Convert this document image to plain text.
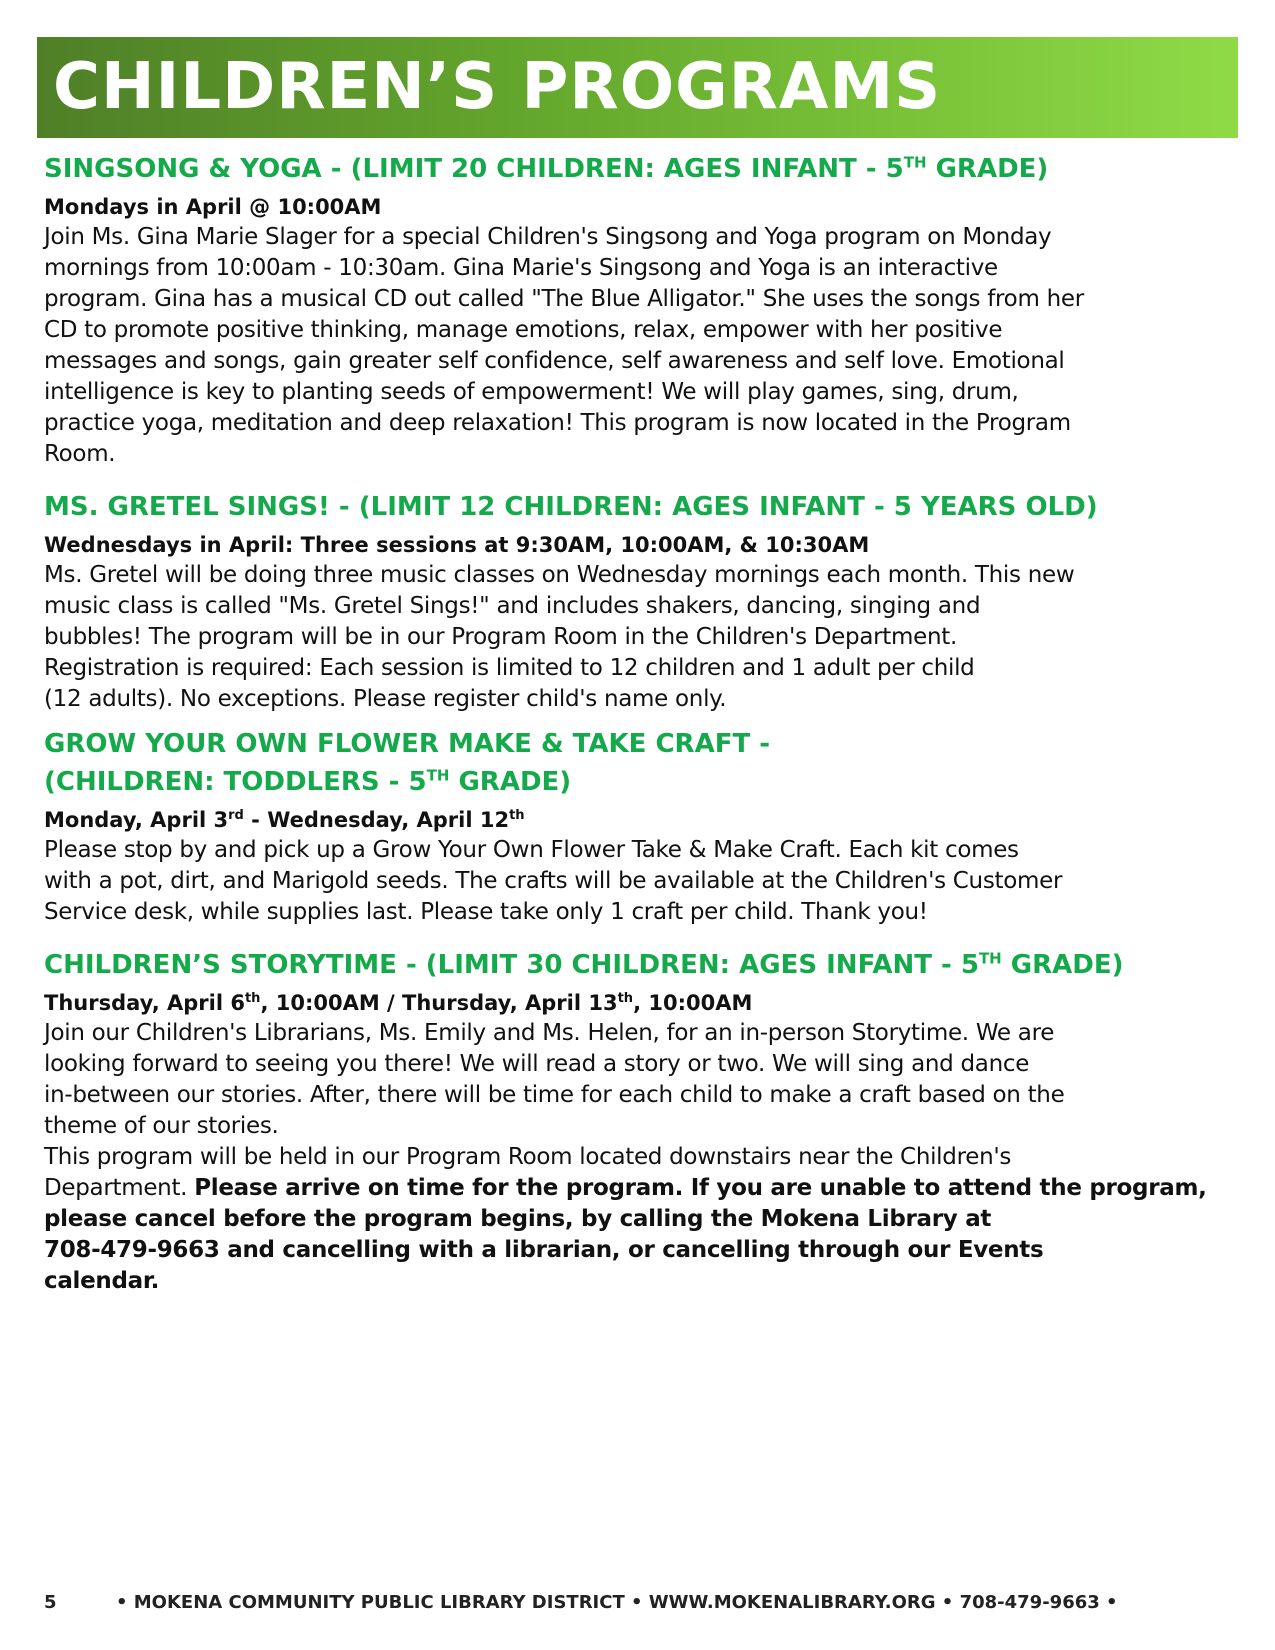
CHILDREN’S PROGRAMS

SINGSONG & YOGA - (LIMIT 20 CHILDREN: AGES INFANT - 5TH GRADE)

Mondays in April @ 10:00AM

Join Ms. Gina Marie Slager for a special Children's Singsong and Yoga program on Monday
mornings from 10:00am - 10:30am. Gina Marie's Singsong and Yoga is an interactive
program. Gina has a musical CD out called "The Blue Alligator." She uses the songs from her
CD to promote positive thinking, manage emotions, relax, empower with her positive
messages and songs, gain greater self confidence, self awareness and self love. Emotional
intelligence is key to planting seeds of empowerment! We will play games, sing, drum,
practice yoga, meditation and deep relaxation! This program is now located in the Program
Room.

MS. GRETEL SINGS! - (LIMIT 12 CHILDREN: AGES INFANT - 5 YEARS OLD)

Wednesdays in April: Three sessions at 9:30AM, 10:00AM, & 10:30AM

Ms. Gretel will be doing three music classes on Wednesday mornings each month. This new
music class is called "Ms. Gretel Sings!" and includes shakers, dancing, singing and
bubbles! The program will be in our Program Room in the Children's Department.
Registration is required: Each session is limited to 12 children and 1 adult per child
(12 adults). No exceptions. Please register child's name only.

GROW YOUR OWN FLOWER MAKE & TAKE CRAFT -

(CHILDREN: TODDLERS - 5TH GRADE)

Monday, April 3rd - Wednesday, April 12th

Please stop by and pick up a Grow Your Own Flower Take & Make Craft. Each kit comes
with a pot, dirt, and Marigold seeds. The crafts will be available at the Children's Customer
Service desk, while supplies last. Please take only 1 craft per child. Thank you!

CHILDREN’S STORYTIME - (LIMIT 30 CHILDREN: AGES INFANT - 5TH GRADE)

Thursday, April 6th, 10:00AM / Thursday, April 13th, 10:00AM

Join our Children's Librarians, Ms. Emily and Ms. Helen, for an in-person Storytime. We are
looking forward to seeing you there! We will read a story or two. We will sing and dance
in-between our stories. After, there will be time for each child to make a craft based on the
theme of our stories.
This program will be held in our Program Room located downstairs near the Children's
Department. Please arrive on time for the program. If you are unable to attend the program,
please cancel before the program begins, by calling the Mokena Library at
708-479-9663 and cancelling with a librarian, or cancelling through our Events
calendar.

5	• MOKENA COMMUNITY PUBLIC LIBRARY DISTRICT • WWW.MOKENALIBRARY.ORG • 708-479-9663 •
